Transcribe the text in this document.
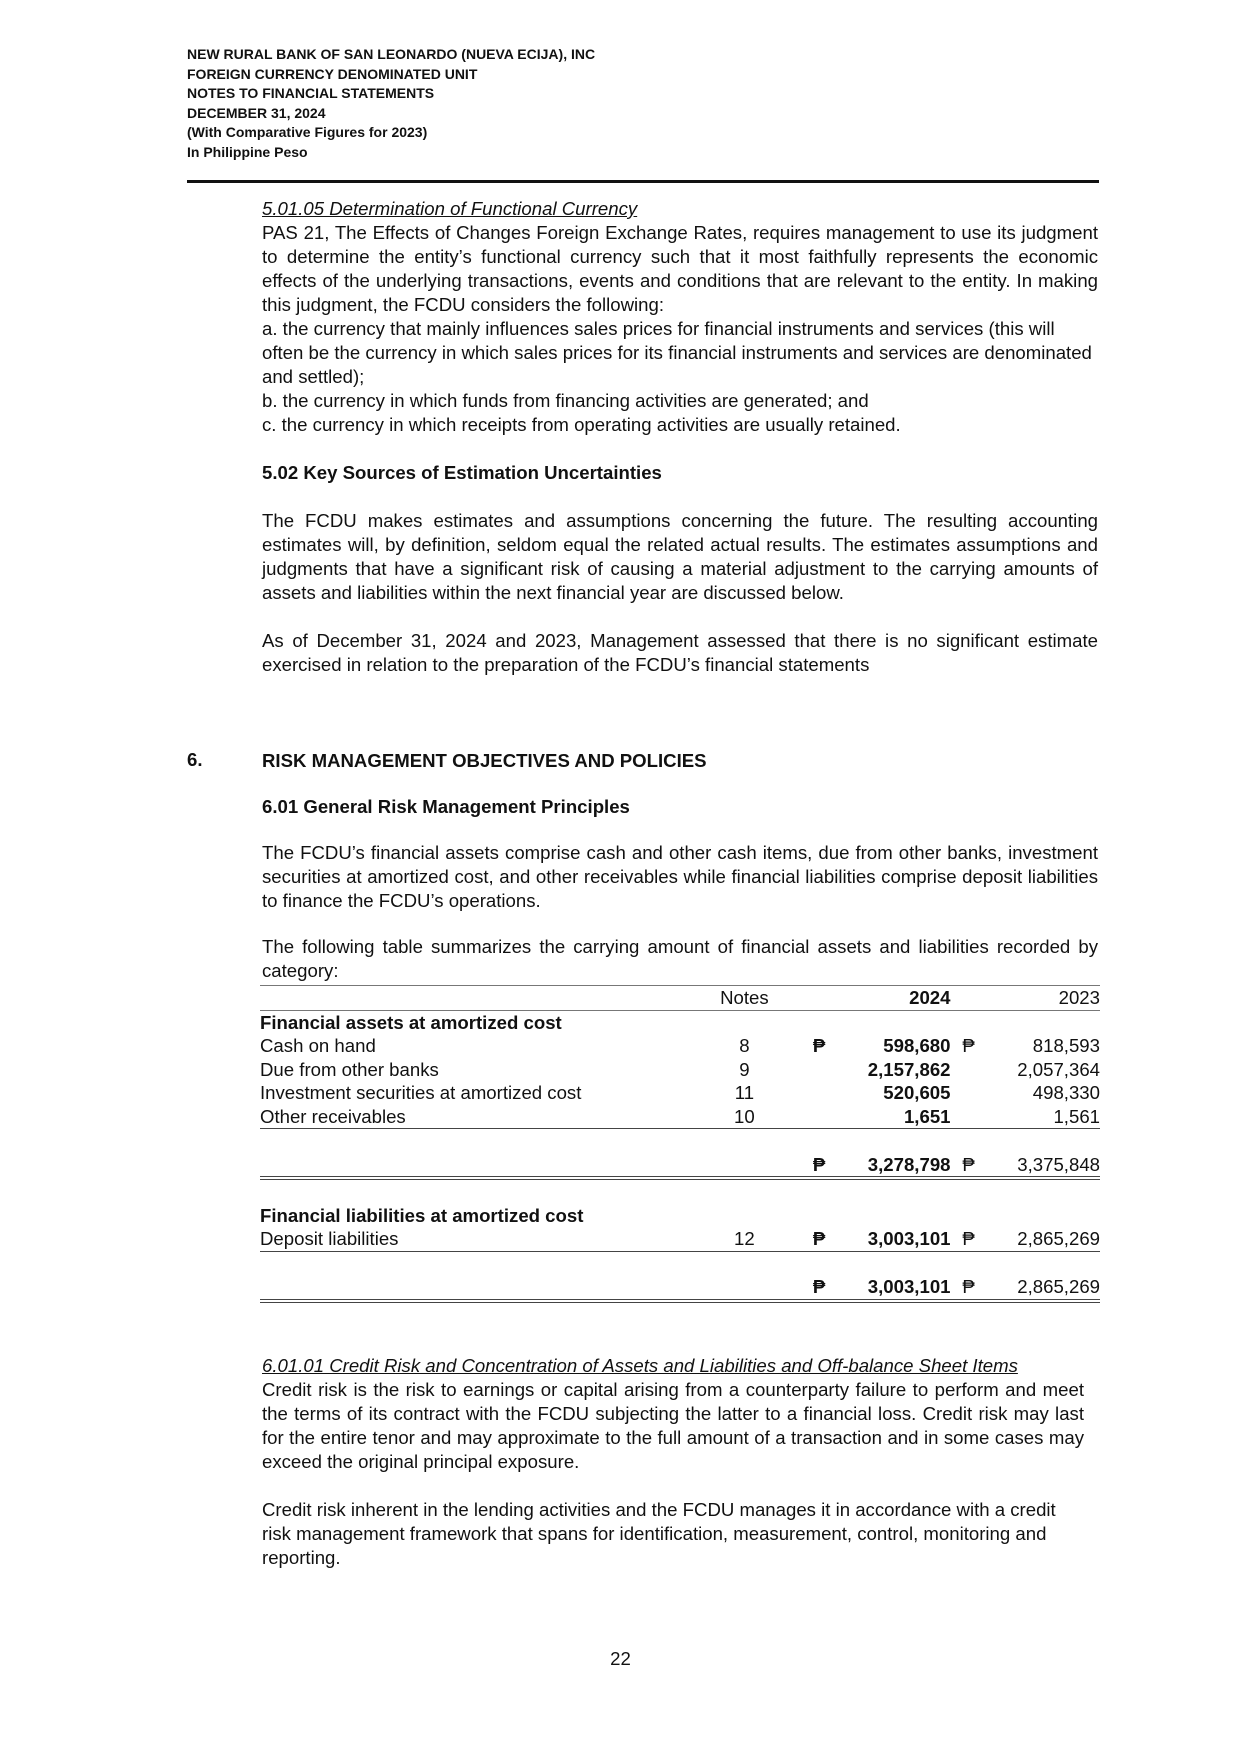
NEW RURAL BANK OF SAN LEONARDO (NUEVA ECIJA), INC
FOREIGN CURRENCY DENOMINATED UNIT
NOTES TO FINANCIAL STATEMENTS
DECEMBER 31, 2024
(With Comparative Figures for 2023)
In Philippine Peso

5.01.05 Determination of Functional Currency

PAS 21, The Effects of Changes Foreign Exchange Rates, requires management to use its judgment to determine the entity’s functional currency such that it most faithfully represents the economic effects of the underlying transactions, events and conditions that are relevant to the entity. In making this judgment, the FCDU considers the following:

a. the currency that mainly influences sales prices for financial instruments and services (this will often be the currency in which sales prices for its financial instruments and services are denominated and settled);

b. the currency in which funds from financing activities are generated; and

c. the currency in which receipts from operating activities are usually retained.

5.02 Key Sources of Estimation Uncertainties

The FCDU makes estimates and assumptions concerning the future. The resulting accounting estimates will, by definition, seldom equal the related actual results. The estimates assumptions and judgments that have a significant risk of causing a material adjustment to the carrying amounts of assets and liabilities within the next financial year are discussed below.

As of December 31, 2024 and 2023, Management assessed that there is no significant estimate exercised in relation to the preparation of the FCDU’s financial statements

6.	RISK MANAGEMENT OBJECTIVES AND POLICIES

6.01 General Risk Management Principles

The FCDU’s financial assets comprise cash and other cash items, due from other banks, investment securities at amortized cost, and other receivables while financial liabilities comprise deposit liabilities to finance the FCDU’s operations.

The following table summarizes the carrying amount of financial assets and liabilities recorded by category:

	Notes		2024		2023
Financial assets at amortized cost					
Cash on hand	8	₱	598,680	₱	818,593
Due from other banks	9		2,157,862		2,057,364
Investment securities at amortized cost	11		520,605		498,330
Other receivables	10		1,651		1,561

		₱	3,278,798	₱	3,375,848

Financial liabilities at amortized cost					
Deposit liabilities	12	₱	3,003,101	₱	2,865,269

		₱	3,003,101	₱	2,865,269

6.01.01 Credit Risk and Concentration of Assets and Liabilities and Off-balance Sheet Items

Credit risk is the risk to earnings or capital arising from a counterparty failure to perform and meet the terms of its contract with the FCDU subjecting the latter to a financial loss. Credit risk may last for the entire tenor and may approximate to the full amount of a transaction and in some cases may exceed the original principal exposure.

Credit risk inherent in the lending activities and the FCDU manages it in accordance with a credit risk management framework that spans for identification, measurement, control, monitoring and reporting.

22
